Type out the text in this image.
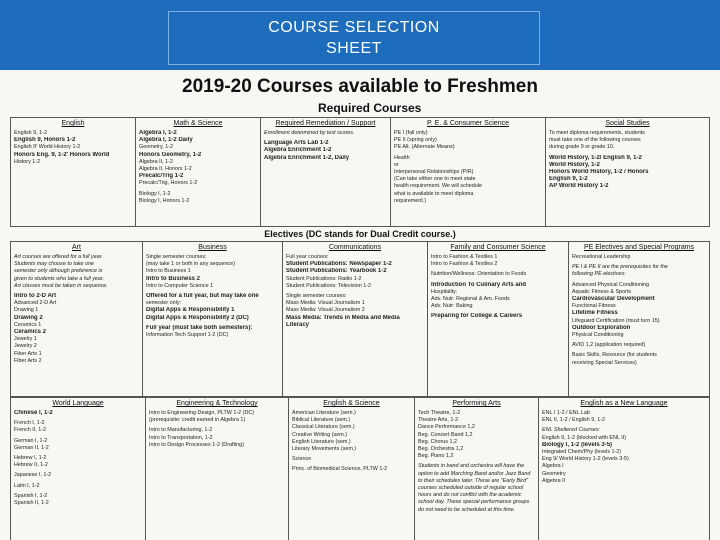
COURSE SELECTION
SHEET
2019-20 Courses available to Freshmen
Required Courses
English
English 9, 1-2
English 9, Honors 1-2
English 9' World History 1-2
Honors Eng. 9, 1-2' Honors World
History 1-2
Math & Science
Algebra I, 1-2
Algebra I, 1-2 Daily
Geometry, 1-2
Honors Geometry, 1-2
Algebra II, 1-2
Algebra II, Honors 1-2
Precalc/Trig 1-2
Precalc/Trig, Honors 1-2
Biology I, 1-2
Biology I, Honors 1-2
Required Remediation / Support
Enrollment determined by test scores.
Language Arts Lab 1-2
Algebra Enrichment 1-2
Algebra Enrichment 1-2, Daily
P. E. & Consumer Science
PE I (fall only)
PE II (spring only)
PE Alt. (Alternate Means)
Health
or
Interpersonal Relationships (PIR)
(Can take either one to meet state
health requirement. We will schedule
what is available to meet diploma
requirement.)
Social Studies
To meet diploma requirements, students
must take one of the following courses
during grade 9 or grade 10.
World History, 1-2/ English 9, 1-2
World History, 1-2
Honors World History, 1-2 / Honors
English 9, 1-2
AP World History 1-2
Electives (DC stands for Dual Credit course.)
Art
Art courses are offered for a full year.
Students may choose to take one
semester only although preference is
given to students who take a full year.
Art classes must be taken in sequence.
Intro to 2-D Art
Advanced 2-D Art
Drawing 1
Drawing 2
Ceramics 1
Ceramics 2
Jewelry 1
Jewelry 2
Fiber Arts 1
Fiber Arts 2
Business
Single semester courses:
(may take 1 or both in any sequence)
Intro to Business 1
Intro to Business 2
Intro to Computer Science 1
Offered for a full year, but may take one
semester only:
Digital Apps & Responsibility 1
Digital Apps & Responsibility 2 (DC)
Full year (must take both semesters):
Information Tech Support 1-2 (DC)
Communications
Full year courses:
Student Publications: Newspaper 1-2
Student Publications: Yearbook 1-2
Student Publications: Radio 1-2
Student Publications: Television 1-2
Single semester courses:
Mass Media: Visual Journalism 1
Mass Media: Visual Journalism 2
Mass Media: Trends in Media and Media
Literacy
Family and Consumer Science
Intro to Fashion & Textiles 1
Intro to Fashion & Textiles 2
Nutrition/Wellness: Orientation to Foods
Introduction To Culinary Arts and
Hospitality:
Adv. Nutr: Regional & Am. Foods
Adv. Nutr: Baking
Preparing for College & Careers
PE Electives and Special Programs
Recreational Leadership
PE I & PE II are the prerequisites for the
following PE electives:
Advanced Physical Conditioning
Aquatic Fitness & Sports
Cardiovascular Development
Functional Fitness
Lifetime Fitness
Lifeguard Certification (must turn 15)
Outdoor Exploration
Physical Conditioning
AVID 1,2 (application required)
Basic Skills, Resource (for students
receiving Special Services)
World Language
Chinese I, 1-2
French I, 1-2
French II, 1-2
German I, 1-2
German II, 1-2
Hebrew I, 1-2
Hebrew II, 1-2
Japanese I, 1-2
Latin I, 1-2
Spanish I, 1-2
Spanish II, 1-2
Engineering & Technology
Intro to Engineering Design, PLTW 1-2 (DC)
(prerequisite: credit earned in Algebra 1)
Intro to Manufacturing, 1-2
Intro to Transportation, 1-2
Intro to Design Processes 1-2 (Drafting)
English & Science
American Literature (sem.)
Biblical Literature (sem.)
Classical Literature (sem.)
Creative Writing (sem.)
English Literature (sem.)
Literary Movements (sem.)
Science
Princ. of Biomedical Science, PLTW 1-2
Performing Arts
Tech Theatre, 1-2
Theatre Arts, 1-2
Dance Performance 1,2
Beg. Concert Band 1,2
Beg. Chorus 1,2
Beg. Orchestra 1,2
Beg. Piano 1,2
Students in band and orchestra will have the
option to add Marching Band and/or Jazz Band
to their schedules later. These are "Early Bird"
courses scheduled outside of regular school
hours and do not conflict with the academic
school day. These special performance groups
do not need to be scheduled at this time.
English as a New Language
ENL I 1-2 / ENL Lab
ENL II, 1-2 / English 9, 1-2
ENL Sheltered Courses:
English 9, 1-2 (blocked with ENL II)
Biology I, 1-2 (levels 3-5)
Integrated Chem/Phy (levels 1-2)
Eng 9/ World History 1-2 (levels 3-5)
Algebra I
Geometry
Algebra II
